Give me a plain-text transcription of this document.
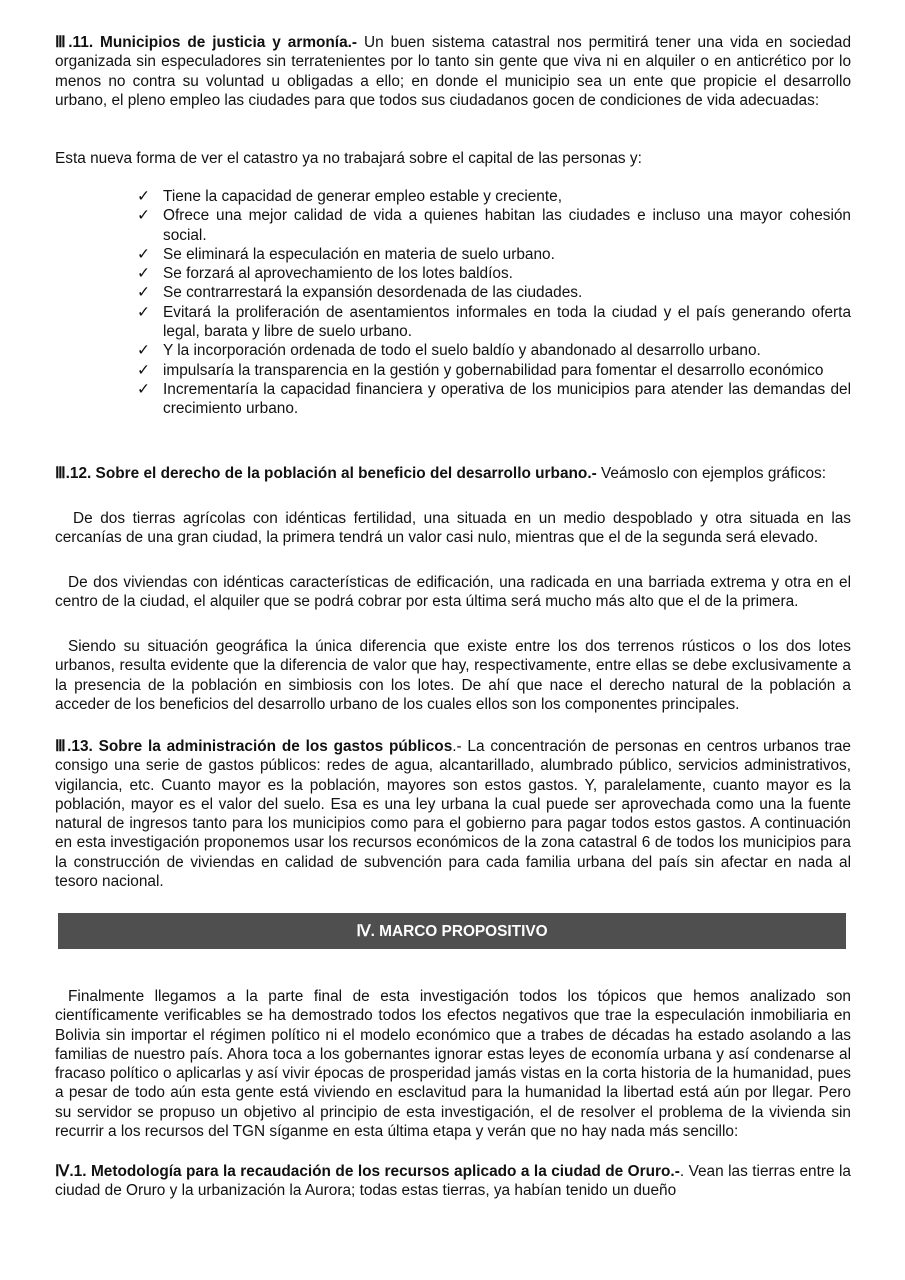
Ⅲ.11. Municipios de justicia y armonía.- Un buen sistema catastral nos permitirá tener una vida en sociedad organizada sin especuladores sin terratenientes por lo tanto sin gente que viva ni en alquiler o en anticrético por lo menos no contra su voluntad u obligadas a ello; en donde el municipio sea un ente que propicie el desarrollo urbano, el pleno empleo las ciudades para que todos sus ciudadanos gocen de condiciones de vida adecuadas:
Esta nueva forma de ver el catastro ya no trabajará sobre el capital de las personas y:
✓ Tiene la capacidad de generar empleo estable y creciente,
✓ Ofrece una mejor calidad de vida a quienes habitan las ciudades e incluso una mayor cohesión social.
✓ Se eliminará la especulación en materia de suelo urbano.
✓ Se forzará al aprovechamiento de los lotes baldíos.
✓ Se contrarrestará la expansión desordenada de las ciudades.
✓ Evitará la proliferación de asentamientos informales en toda la ciudad y el país generando oferta legal, barata y libre de suelo urbano.
✓ Y la incorporación ordenada de todo el suelo baldío y abandonado al desarrollo urbano.
✓ impulsaría la transparencia en la gestión y gobernabilidad para fomentar el desarrollo económico
✓ Incrementaría la capacidad financiera y operativa de los municipios para atender las demandas del crecimiento urbano.
Ⅲ.12. Sobre el derecho de la población al beneficio del desarrollo urbano.- Veámoslo con ejemplos gráficos:
De dos tierras agrícolas con idénticas fertilidad, una situada en un medio despoblado y otra situada en las cercanías de una gran ciudad, la primera tendrá un valor casi nulo, mientras que el de la segunda será elevado.
De dos viviendas con idénticas características de edificación, una radicada en una barriada extrema y otra en el centro de la ciudad, el alquiler que se podrá cobrar por esta última será mucho más alto que el de la primera.
Siendo su situación geográfica la única diferencia que existe entre los dos terrenos rústicos o los dos lotes urbanos, resulta evidente que la diferencia de valor que hay, respectivamente, entre ellas se debe exclusivamente a la presencia de la población en simbiosis con los lotes. De ahí que nace el derecho natural de la población a acceder de los beneficios del desarrollo urbano de los cuales ellos son los componentes principales.
Ⅲ.13. Sobre la administración de los gastos públicos.- La concentración de personas en centros urbanos trae consigo una serie de gastos públicos: redes de agua, alcantarillado, alumbrado público, servicios administrativos, vigilancia, etc. Cuanto mayor es la población, mayores son estos gastos. Y, paralelamente, cuanto mayor es la población, mayor es el valor del suelo. Esa es una ley urbana la cual puede ser aprovechada como una la fuente natural de ingresos tanto para los municipios como para el gobierno para pagar todos estos gastos. A continuación en esta investigación proponemos usar los recursos económicos de la zona catastral 6 de todos los municipios para la construcción de viviendas en calidad de subvención para cada familia urbana del país sin afectar en nada al tesoro nacional.
Ⅳ. MARCO PROPOSITIVO
Finalmente llegamos a la parte final de esta investigación todos los tópicos que hemos analizado son científicamente verificables se ha demostrado todos los efectos negativos que trae la especulación inmobiliaria en Bolivia sin importar el régimen político ni el modelo económico que a trabes de décadas ha estado asolando a las familias de nuestro país. Ahora toca a los gobernantes ignorar estas leyes de economía urbana y así condenarse al fracaso político o aplicarlas y así vivir épocas de prosperidad jamás vistas en la corta historia de la humanidad, pues a pesar de todo aún esta gente está viviendo en esclavitud para la humanidad la libertad está aún por llegar. Pero su servidor se propuso un objetivo al principio de esta investigación, el de resolver el problema de la vivienda sin recurrir a los recursos del TGN síganme en esta última etapa y verán que no hay nada más sencillo:
Ⅳ.1. Metodología para la recaudación de los recursos aplicado a la ciudad de Oruro.-. Vean las tierras entre la ciudad de Oruro y la urbanización la Aurora; todas estas tierras, ya habían tenido un dueño
